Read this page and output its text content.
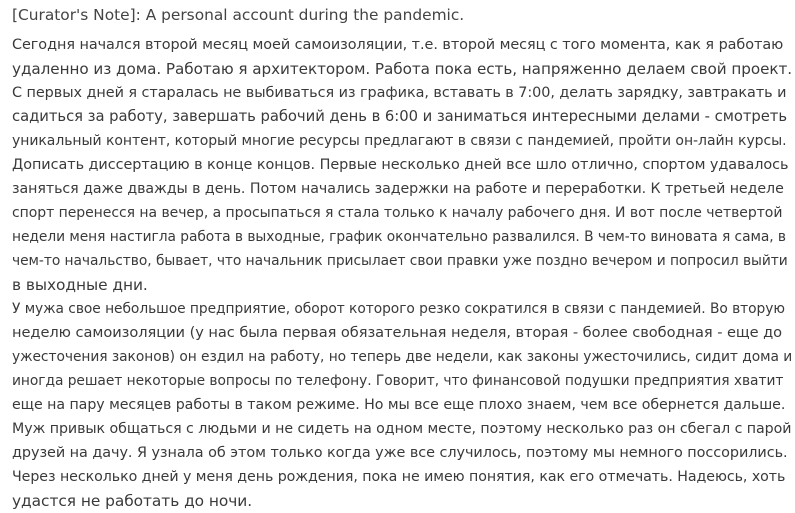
[Curator's Note]: A personal account during the pandemic.
Сегодня начался второй месяц моей самоизоляции, т.е. второй месяц с того момента, как я работаю
удаленно из дома. Работаю я архитектором. Работа пока есть, напряженно делаем свой проект.
С первых дней я старалась не выбиваться из графика, вставать в 7:00, делать зарядку, завтракать и
садиться за работу, завершать рабочий день в 6:00 и заниматься интересными делами - смотреть
уникальный контент, который многие ресурсы предлагают в связи с пандемией, пройти он-лайн курсы.
Дописать диссертацию в конце концов. Первые несколько дней все шло отлично, спортом удавалось
заняться даже дважды в день. Потом начались задержки на работе и переработки. К третьей неделе
спорт перенесся на вечер, а просыпаться я стала только к началу рабочего дня. И вот после четвертой
недели меня настигла работа в выходные, график окончательно развалился. В чем-то виновата я сама, в
чем-то начальство, бывает, что начальник присылает свои правки уже поздно вечером и попросил выйти
в выходные дни.
У мужа свое небольшое предприятие, оборот которого резко сократился в связи с пандемией. Во вторую
неделю самоизоляции (у нас была первая обязательная неделя, вторая - более свободная - еще до
ужесточения законов) он ездил на работу, но теперь две недели, как законы ужесточились, сидит дома и
иногда решает некоторые вопросы по телефону. Говорит, что финансовой подушки предприятия хватит
еще на пару месяцев работы в таком режиме. Но мы все еще плохо знаем, чем все обернется дальше.
Муж привык общаться с людьми и не сидеть на одном месте, поэтому несколько раз он сбегал с парой
друзей на дачу. Я узнала об этом только когда уже все случилось, поэтому мы немного поссорились.
Через несколько дней у меня день рождения, пока не имею понятия, как его отмечать. Надеюсь, хоть
удастся не работать до ночи.
